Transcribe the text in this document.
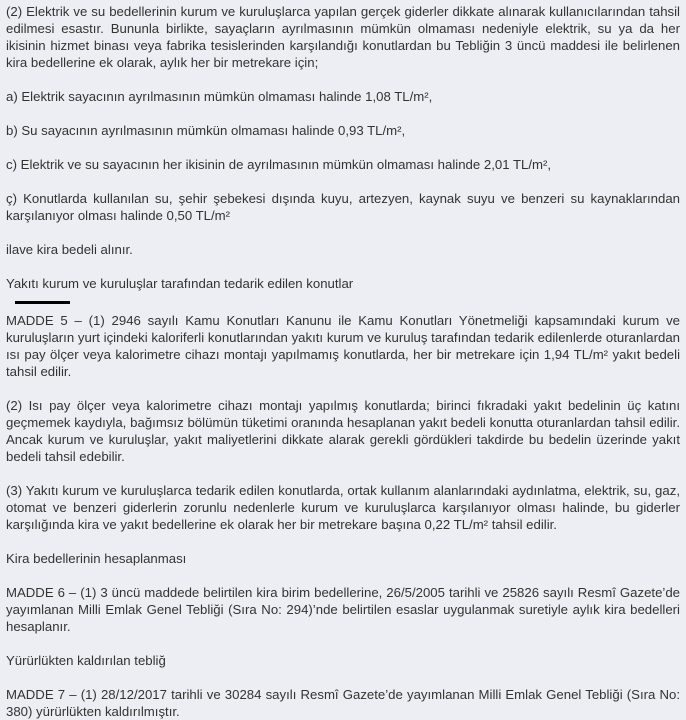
(2) Elektrik ve su bedellerinin kurum ve kuruluşlarca yapılan gerçek giderler dikkate alınarak kullanıcılarından tahsil edilmesi esastır. Bununla birlikte, sayaçların ayrılmasının mümkün olmaması nedeniyle elektrik, su ya da her ikisinin hizmet binası veya fabrika tesislerinden karşılandığı konutlardan bu Tebliğin 3 üncü maddesi ile belirlenen kira bedellerine ek olarak, aylık her bir metrekare için;

a) Elektrik sayacının ayrılmasının mümkün olmaması halinde 1,08 TL/m²,

b) Su sayacının ayrılmasının mümkün olmaması halinde 0,93 TL/m²,

c) Elektrik ve su sayacının her ikisinin de ayrılmasının mümkün olmaması halinde 2,01 TL/m²,

ç) Konutlarda kullanılan su, şehir şebekesi dışında kuyu, artezyen, kaynak suyu ve benzeri su kaynaklarından karşılanıyor olması halinde 0,50 TL/m²

ilave kira bedeli alınır.

Yakıtı kurum ve kuruluşlar tarafından tedarik edilen konutlar

MADDE 5 – (1) 2946 sayılı Kamu Konutları Kanunu ile Kamu Konutları Yönetmeliği kapsamındaki kurum ve kuruluşların yurt içindeki kaloriferli konutlarından yakıtı kurum ve kuruluş tarafından tedarik edilenlerde oturanlardan ısı pay ölçer veya kalorimetre cihazı montajı yapılmamış konutlarda, her bir metrekare için 1,94 TL/m² yakıt bedeli tahsil edilir.

(2) Isı pay ölçer veya kalorimetre cihazı montajı yapılmış konutlarda; birinci fıkradaki yakıt bedelinin üç katını geçmemek kaydıyla, bağımsız bölümün tüketimi oranında hesaplanan yakıt bedeli konutta oturanlardan tahsil edilir. Ancak kurum ve kuruluşlar, yakıt maliyetlerini dikkate alarak gerekli gördükleri takdirde bu bedelin üzerinde yakıt bedeli tahsil edebilir.

(3) Yakıtı kurum ve kuruluşlarca tedarik edilen konutlarda, ortak kullanım alanlarındaki aydınlatma, elektrik, su, gaz, otomat ve benzeri giderlerin zorunlu nedenlerle kurum ve kuruluşlarca karşılanıyor olması halinde, bu giderler karşılığında kira ve yakıt bedellerine ek olarak her bir metrekare başına 0,22 TL/m² tahsil edilir.

Kira bedellerinin hesaplanması

MADDE 6 – (1) 3 üncü maddede belirtilen kira birim bedellerine, 26/5/2005 tarihli ve 25826 sayılı Resmî Gazete’de yayımlanan Milli Emlak Genel Tebliği (Sıra No: 294)’nde belirtilen esaslar uygulanmak suretiyle aylık kira bedelleri hesaplanır.

Yürürlükten kaldırılan tebliğ

MADDE 7 – (1) 28/12/2017 tarihli ve 30284 sayılı Resmî Gazete’de yayımlanan Milli Emlak Genel Tebliği (Sıra No: 380) yürürlükten kaldırılmıştır.
